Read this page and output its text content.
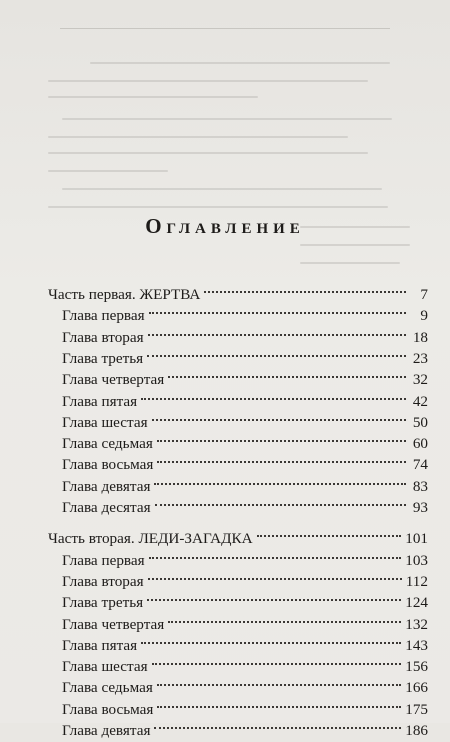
Оглавление
Часть первая. ЖЕРТВА	7
Глава первая	9
Глава вторая	18
Глава третья	23
Глава четвертая	32
Глава пятая	42
Глава шестая	50
Глава седьмая	60
Глава восьмая	74
Глава девятая	83
Глава десятая	93
Часть вторая. ЛЕДИ-ЗАГАДКА	101
Глава первая	103
Глава вторая	112
Глава третья	124
Глава четвертая	132
Глава пятая	143
Глава шестая	156
Глава седьмая	166
Глава восьмая	175
Глава девятая	186
